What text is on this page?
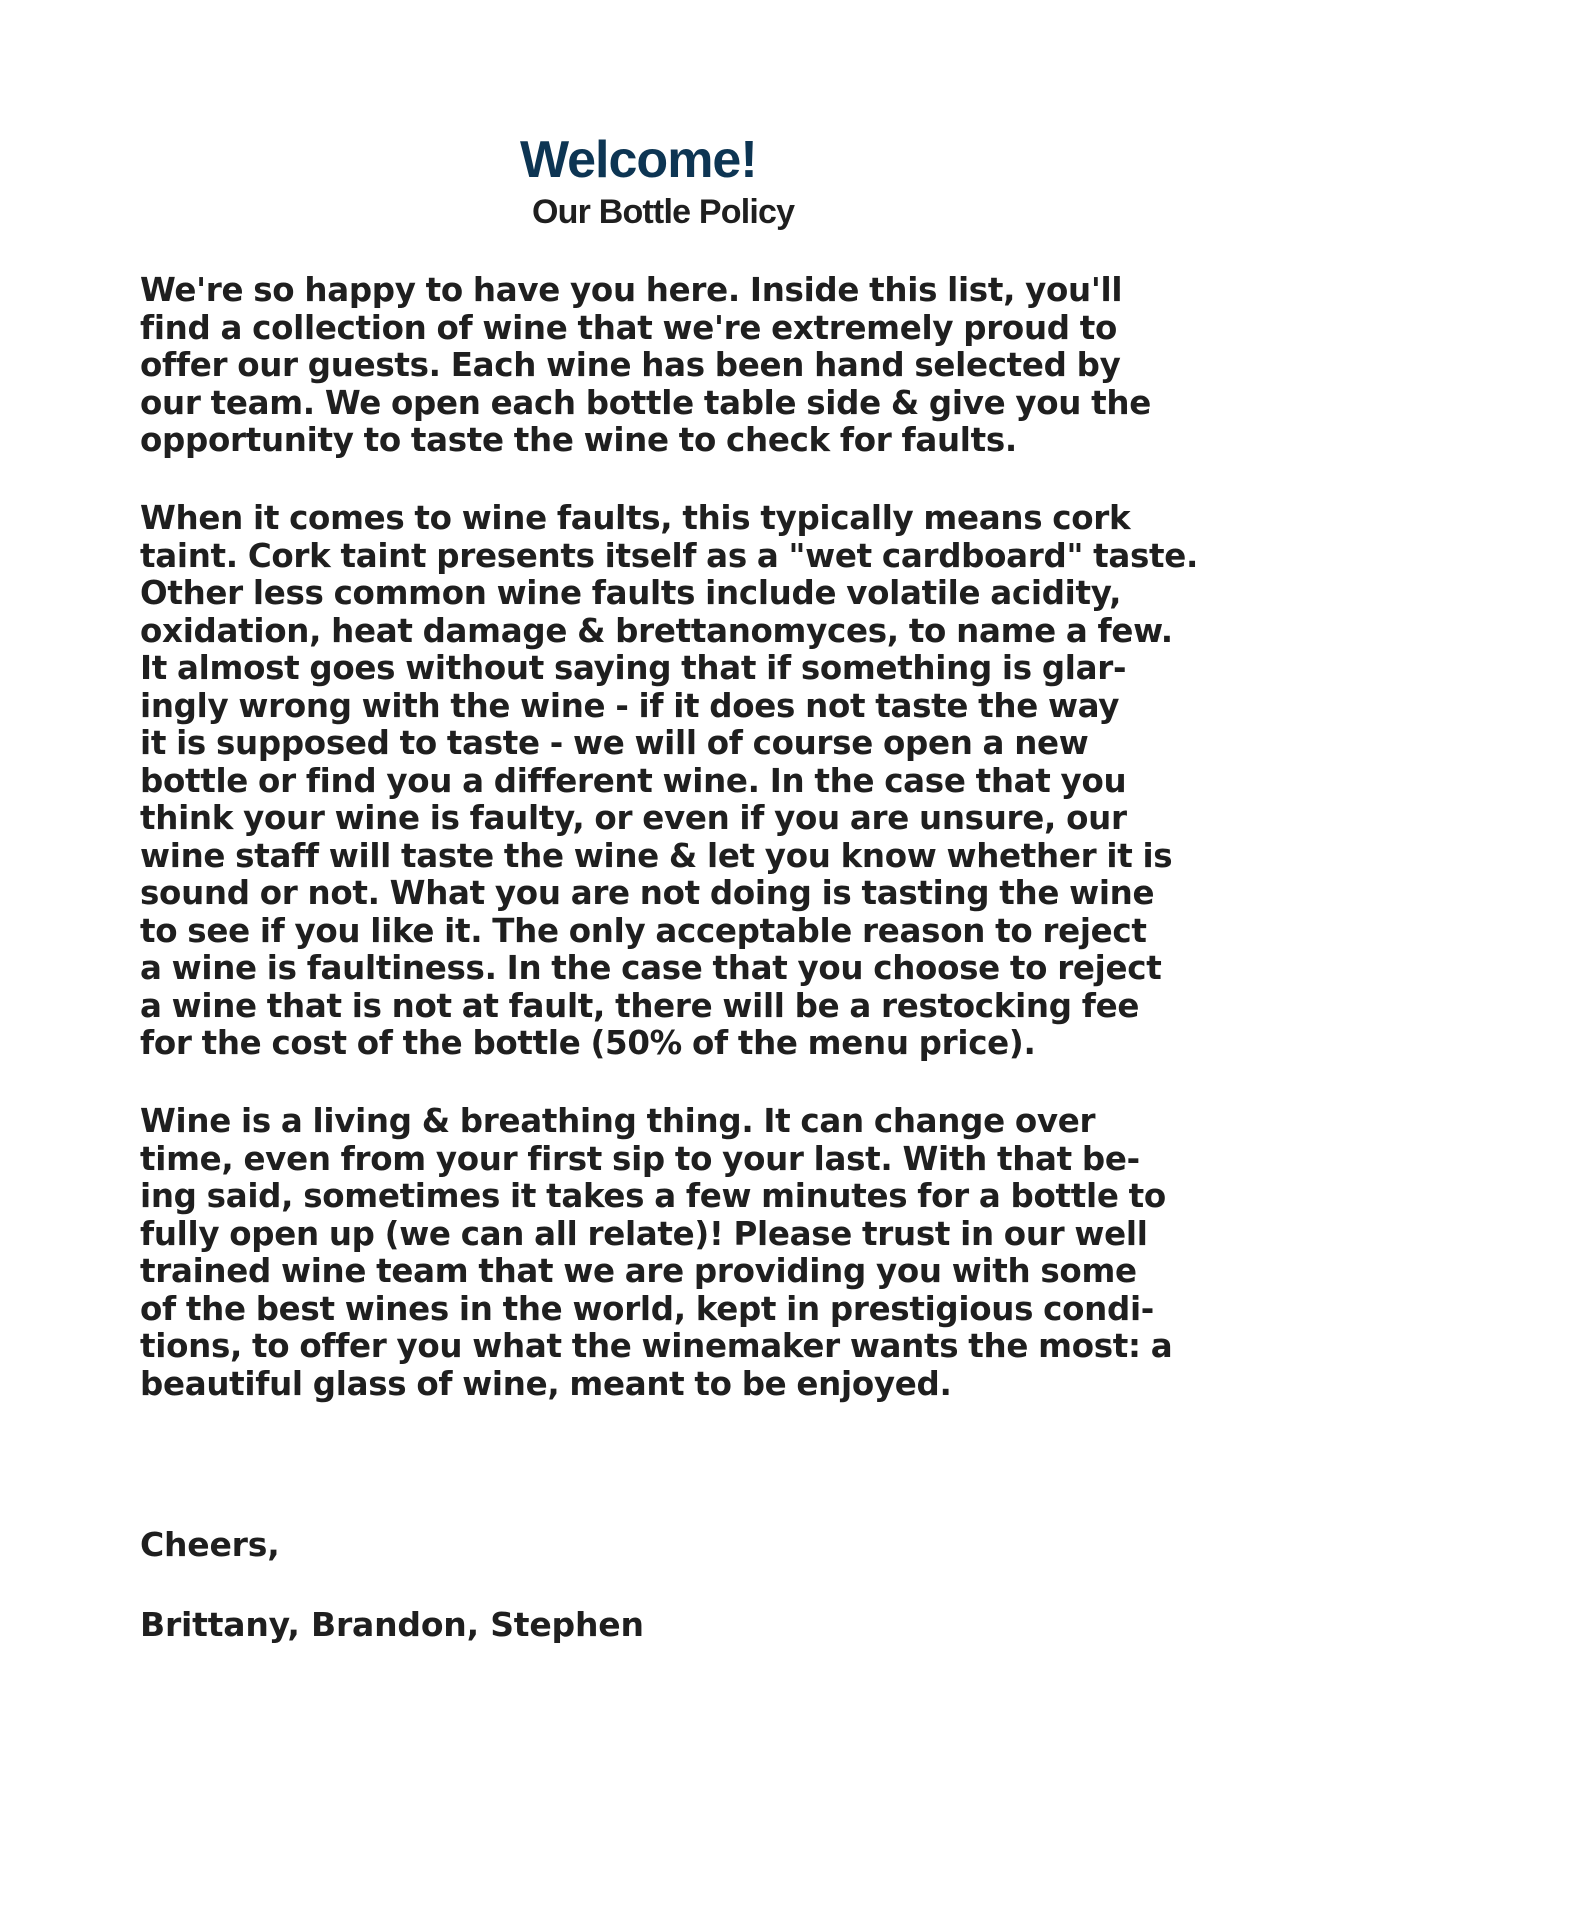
Welcome!
Our Bottle Policy

We're so happy to have you here. Inside this list, you'll
find a collection of wine that we're extremely proud to
offer our guests. Each wine has been hand selected by
our team. We open each bottle table side & give you the
opportunity to taste the wine to check for faults.

When it comes to wine faults, this typically means cork
taint. Cork taint presents itself as a "wet cardboard" taste.
Other less common wine faults include volatile acidity,
oxidation, heat damage & brettanomyces, to name a few.
It almost goes without saying that if something is glar-
ingly wrong with the wine - if it does not taste the way
it is supposed to taste - we will of course open a new
bottle or find you a different wine. In the case that you
think your wine is faulty, or even if you are unsure, our
wine staff will taste the wine & let you know whether it is
sound or not. What you are not doing is tasting the wine
to see if you like it. The only acceptable reason to reject
a wine is faultiness. In the case that you choose to reject
a wine that is not at fault, there will be a restocking fee
for the cost of the bottle (50% of the menu price).

Wine is a living & breathing thing. It can change over
time, even from your first sip to your last. With that be-
ing said, sometimes it takes a few minutes for a bottle to
fully open up (we can all relate)! Please trust in our well
trained wine team that we are providing you with some
of the best wines in the world, kept in prestigious condi-
tions, to offer you what the winemaker wants the most: a
beautiful glass of wine, meant to be enjoyed.

Cheers,

Brittany, Brandon, Stephen
